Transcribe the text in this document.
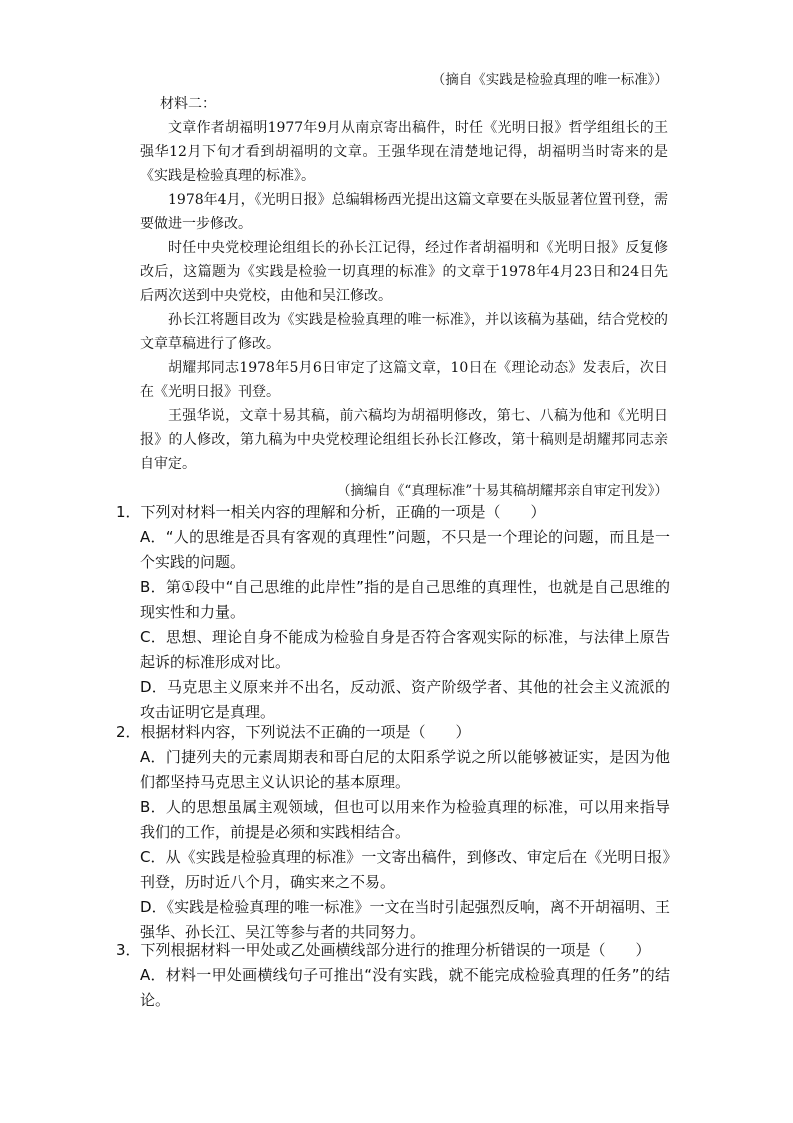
（摘自《实践是检验真理的唯一标准》）
材料二：

文章作者胡福明1977年9月从南京寄出稿件，时任《光明日报》哲学组组长的王强华12月下旬才看到胡福明的文章。王强华现在清楚地记得，胡福明当时寄来的是《实践是检验真理的标准》。

1978年4月，《光明日报》总编辑杨西光提出这篇文章要在头版显著位置刊登，需要做进一步修改。

时任中央党校理论组组长的孙长江记得，经过作者胡福明和《光明日报》反复修改后，这篇题为《实践是检验一切真理的标准》的文章于1978年4月23日和24日先后两次送到中央党校，由他和吴江修改。

孙长江将题目改为《实践是检验真理的唯一标准》，并以该稿为基础，结合党校的文章草稿进行了修改。

胡耀邦同志1978年5月6日审定了这篇文章，10日在《理论动态》发表后，次日在《光明日报》刊登。

王强华说，文章十易其稿，前六稿均为胡福明修改，第七、八稿为他和《光明日报》的人修改，第九稿为中央党校理论组组长孙长江修改，第十稿则是胡耀邦同志亲自审定。

（摘编自《“真理标准”十易其稿胡耀邦亲自审定刊发》）

1．下列对材料一相关内容的理解和分析，正确的一项是（　　）

A．“人的思维是否具有客观的真理性”问题，不只是一个理论的问题，而且是一个实践的问题。

B．第①段中“自己思维的此岸性”指的是自己思维的真理性，也就是自己思维的现实性和力量。

C．思想、理论自身不能成为检验自身是否符合客观实际的标准，与法律上原告起诉的标准形成对比。

D．马克思主义原来并不出名，反动派、资产阶级学者、其他的社会主义流派的攻击证明它是真理。

2．根据材料内容，下列说法不正确的一项是（　　）

A．门捷列夫的元素周期表和哥白尼的太阳系学说之所以能够被证实，是因为他们都坚持马克思主义认识论的基本原理。

B．人的思想虽属主观领域，但也可以用来作为检验真理的标准，可以用来指导我们的工作，前提是必须和实践相结合。

C．从《实践是检验真理的标准》一文寄出稿件，到修改、审定后在《光明日报》刊登，历时近八个月，确实来之不易。

D．《实践是检验真理的唯一标准》一文在当时引起强烈反响，离不开胡福明、王强华、孙长江、吴江等参与者的共同努力。

3．下列根据材料一甲处或乙处画横线部分进行的推理分析错误的一项是（　　）

A．材料一甲处画横线句子可推出“没有实践，就不能完成检验真理的任务”的结论。
